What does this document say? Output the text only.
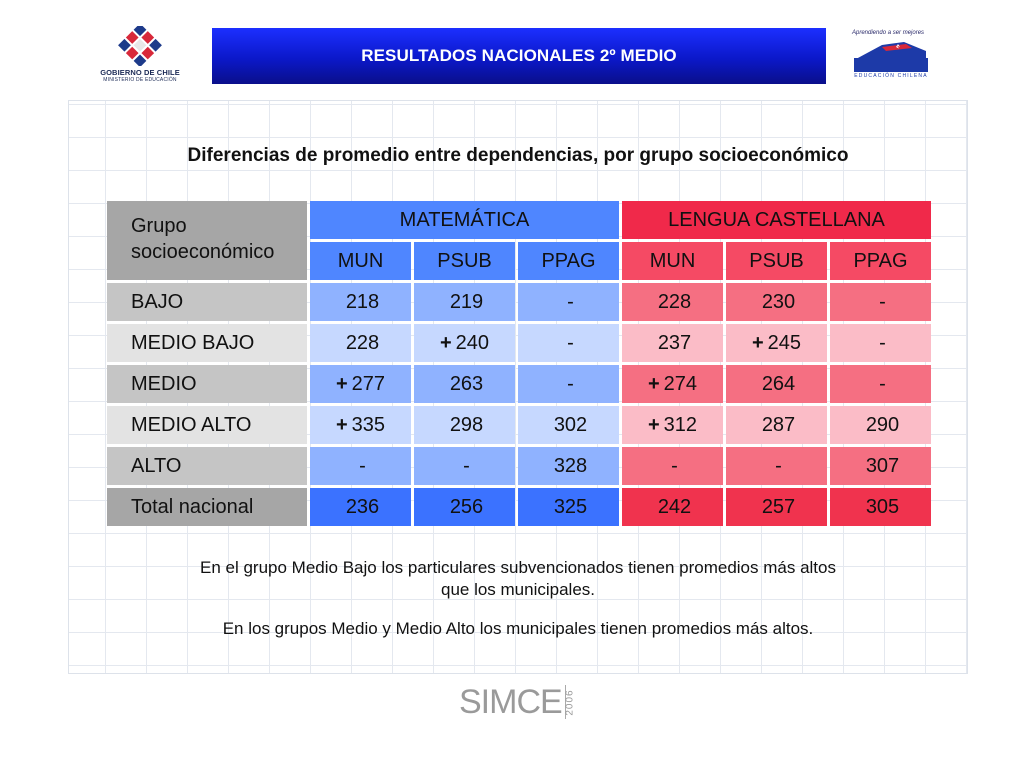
GOBIERNO DE CHILE
MINISTERIO DE EDUCACIÓN
RESULTADOS NACIONALES 2º MEDIO
Aprendiendo a ser mejores
EDUCACIÓN CHILENA
Diferencias de promedio entre dependencias, por grupo socioeconómico
Grupo
socioeconómico	MATEMÁTICA			LENGUA CASTELLANA		
	MUN	PSUB	PPAG	MUN	PSUB	PPAG
BAJO	218	219	-	228	230	-
MEDIO BAJO	228	+ 240	-	237	+ 245	-
MEDIO	+ 277	263	-	+ 274	264	-
MEDIO ALTO	+ 335	298	302	+ 312	287	290
ALTO	-	-	328	-	-	307
Total nacional	236	256	325	242	257	305
En el grupo Medio Bajo los particulares subvencionados tienen promedios más altos
que los municipales.
En los grupos Medio y Medio Alto los municipales tienen promedios más altos.
SIMCE 2006
